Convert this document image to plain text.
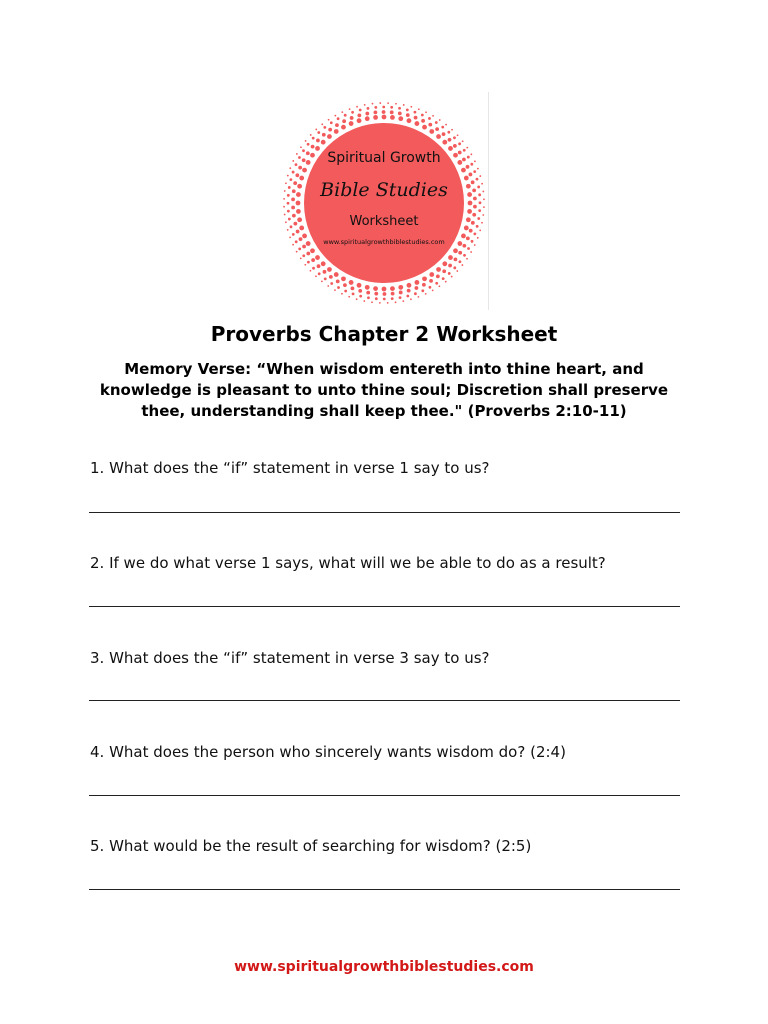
Spiritual Growth
Bible Studies
Worksheet
www.spiritualgrowthbiblestudies.com
Proverbs Chapter 2 Worksheet
Memory Verse: “When wisdom entereth into thine heart, and knowledge is pleasant to unto thine soul; Discretion shall preserve thee, understanding shall keep thee." (Proverbs 2:10-11)
1. What does the “if” statement in verse 1 say to us?
2. If we do what verse 1 says, what will we be able to do as a result?
3. What does the “if” statement in verse 3 say to us?
4. What does the person who sincerely wants wisdom do? (2:4)
5. What would be the result of searching for wisdom? (2:5)
www.spiritualgrowthbiblestudies.com
